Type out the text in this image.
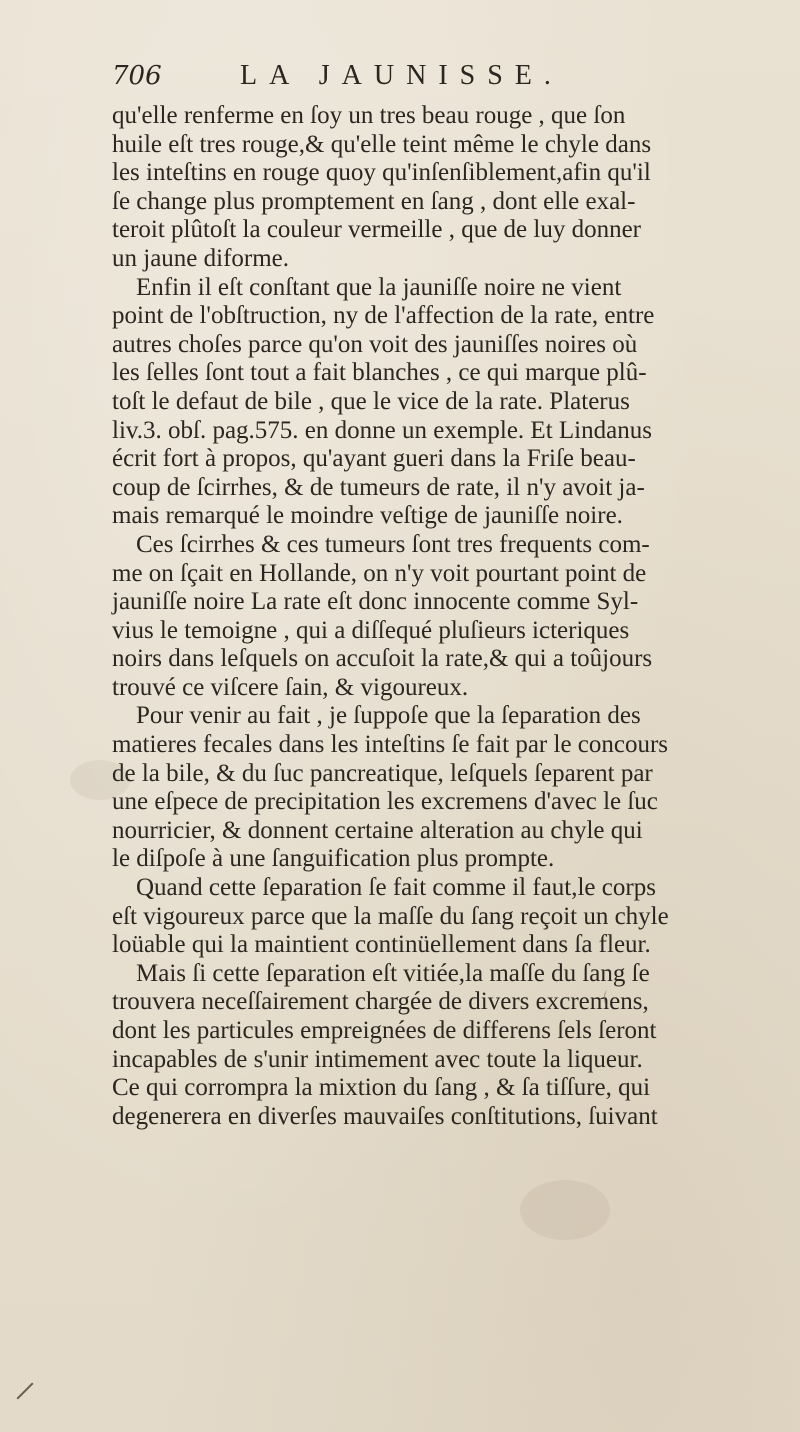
706	LA JAUNISSE.
qu'elle renferme en ſoy un tres beau rouge , que ſon
huile eſt tres rouge,& qu'elle teint même le chyle dans
les inteſtins en rouge quoy qu'inſenſiblement,afin qu'il
ſe change plus promptement en ſang , dont elle exal-
teroit plûtoſt la couleur vermeille , que de luy donner
un jaune diforme.
Enfin il eſt conſtant que la jauniſſe noire ne vient
point de l'obſtruction, ny de l'affection de la rate, entre
autres choſes parce qu'on voit des jauniſſes noires où
les ſelles ſont tout a fait blanches , ce qui marque plû-
toſt le defaut de bile , que le vice de la rate. Platerus
liv.3. obſ. pag.575. en donne un exemple. Et Lindanus
écrit fort à propos, qu'ayant gueri dans la Friſe beau-
coup de ſcirrhes, & de tumeurs de rate, il n'y avoit ja-
mais remarqué le moindre veſtige de jauniſſe noire.
Ces ſcirrhes & ces tumeurs ſont tres frequents com-
me on ſçait en Hollande, on n'y voit pourtant point de
jauniſſe noire La rate eſt donc innocente comme Syl-
vius le temoigne , qui a diſſequé pluſieurs icteriques
noirs dans leſquels on accuſoit la rate,& qui a toûjours
trouvé ce viſcere ſain, & vigoureux.
Pour venir au fait , je ſuppoſe que la ſeparation des
matieres fecales dans les inteſtins ſe fait par le concours
de la bile, & du ſuc pancreatique, leſquels ſeparent par
une eſpece de precipitation les excremens d'avec le ſuc
nourricier, & donnent certaine alteration au chyle qui
le diſpoſe à une ſanguification plus prompte.
Quand cette ſeparation ſe fait comme il faut,le corps
eſt vigoureux parce que la maſſe du ſang reçoit un chyle
loüable qui la maintient continüellement dans ſa fleur.
Mais ſi cette ſeparation eſt vitiée,la maſſe du ſang ſe
trouvera neceſſairement chargée de divers excremens,
dont les particules empreignées de differens ſels ſeront
incapables de s'unir intimement avec toute la liqueur.
Ce qui corrompra la mixtion du ſang , & ſa tiſſure, qui
degenerera en diverſes mauvaiſes conſtitutions, ſuivant
